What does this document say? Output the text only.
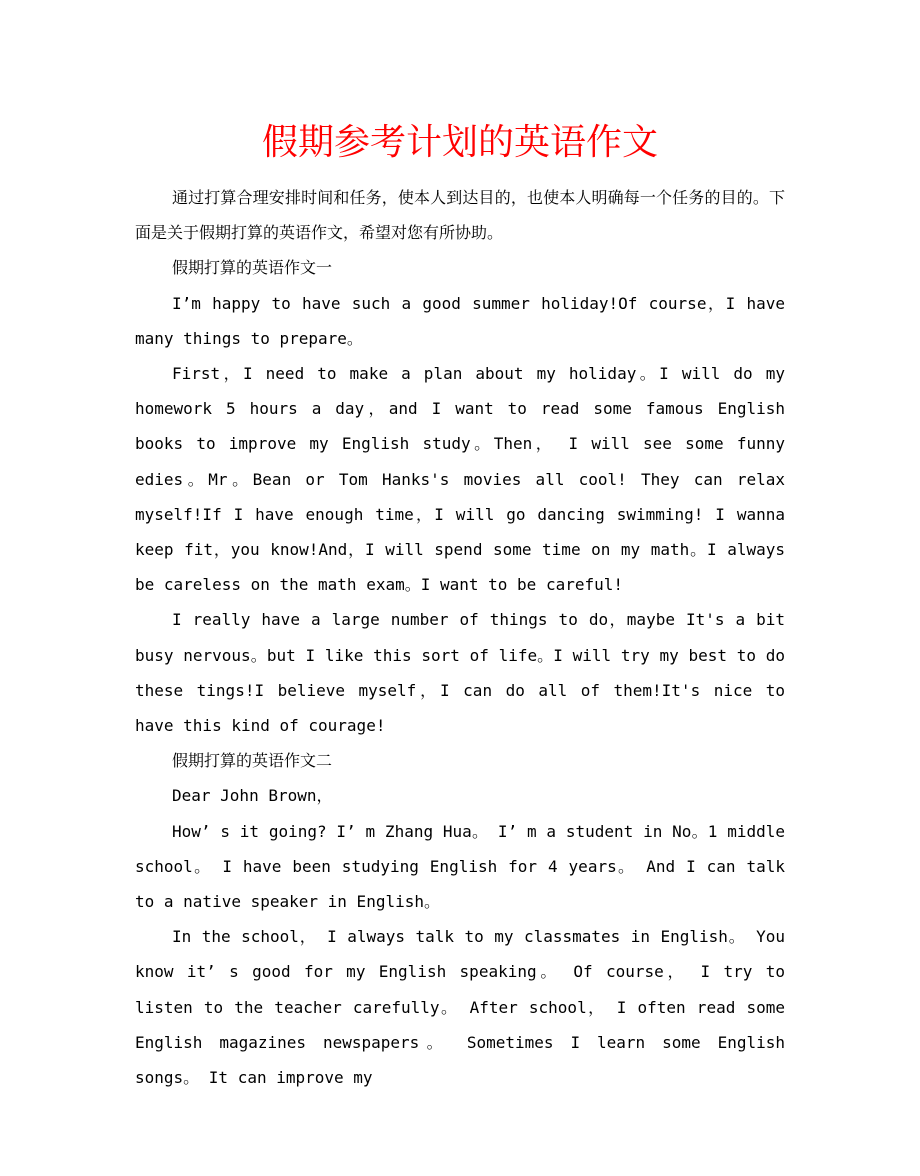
假期参考计划的英语作文

通过打算合理安排时间和任务，使本人到达目的，也使本人明确每一个任务的目的。下面是关于假期打算的英语作文，希望对您有所协助。

假期打算的英语作文一

I’m happy to have such a good summer holiday!Of course，I have many things to prepare。

First，I need to make a plan about my holiday。I will do my homework 5 hours a day，and I want to read some famous English books to improve my English study。Then， I will see some funny edies。Mr。Bean or Tom Hanks's movies all cool! They can relax myself!If I have enough time，I will go dancing swimming! I wanna keep fit，you know!And，I will spend some time on my math。I always be careless on the math exam。I want to be careful!

I really have a large number of things to do，maybe It's a bit busy nervous。but I like this sort of life。I will try my best to do these tings!I believe myself，I can do all of them!It's nice to have this kind of courage!

假期打算的英语作文二

Dear John Brown，

How’ s it going? I’ m Zhang Hua。 I’ m a student in No。1 middle school。 I have been studying English for 4 years。 And I can talk to a native speaker in English。

In the school， I always talk to my classmates in English。 You know it’ s good for my English speaking。 Of course， I try to listen to the teacher carefully。 After school， I often read some English magazines newspapers。 Sometimes I learn some English songs。 It can improve my
